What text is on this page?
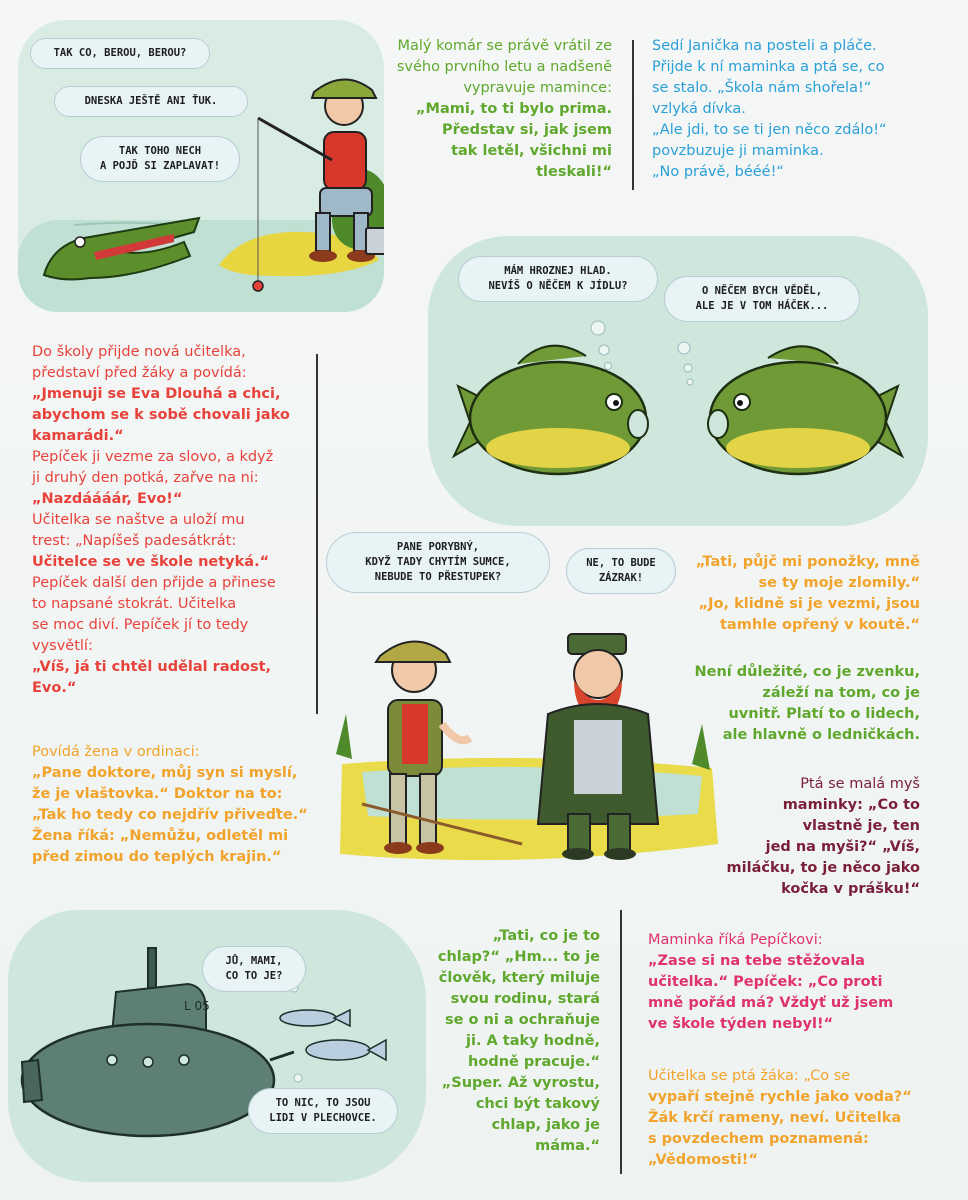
TAK CO, BEROU, BEROU?

DNESKA JEŠTĚ ANI ŤUK.

TAK TOHO NECH

A POJĎ SI ZAPLAVAT!

Malý komár se právě vrátil ze

svého prvního letu a nadšeně

vypravuje mamince:

„Mami, to ti bylo prima.

Představ si, jak jsem

tak letěl, všichni mi

tleskali!“

Sedí Janička na posteli a pláče.

Přijde k ní maminka a ptá se, co

se stalo. „Škola nám shořela!“

vzlyká dívka.

„Ale jdi, to se ti jen něco zdálo!“

povzbuzuje ji maminka.

„No právě, bééé!“

MÁM HROZNEJ HLAD.

NEVÍŠ O NĚČEM K JÍDLU?	O NĚČEM BYCH VĚDĚL,

ALE JE V TOM HÁČEK...

Do školy přijde nová učitelka,

představí před žáky a povídá:

„Jmenuji se Eva Dlouhá a chci,

abychom se k sobě chovali jako

kamarádi.“

Pepíček ji vezme za slovo, a když

ji druhý den potká, zařve na ni:

„Nazdáááár, Evo!“

Učitelka se naštve a uloží mu

trest: „Napíšeš padesátkrát:

Učitelce se ve škole netyká.“

Pepíček další den přijde a přinese

to napsané stokrát. Učitelka

se moc diví. Pepíček jí to tedy

vysvětlí:

„Víš, já ti chtěl udělal radost,

Evo.“

Povídá žena v ordinaci:

„Pane doktore, můj syn si myslí,

že je vlaštovka.“ Doktor na to:

„Tak ho tedy co nejdřív přiveďte.“

Žena říká: „Nemůžu, odletěl mi

před zimou do teplých krajin.“

PANE PORYBNÝ,

KDYŽ TADY CHYTÍM SUMCE,

NEBUDE TO PŘESTUPEK?

NE, TO BUDE

ZÁZRAK!

„Tati, půjč mi ponožky, mně

se ty moje zlomily.“

„Jo, klidně si je vezmi, jsou

tamhle opřený v koutě.“

Není důležité, co je zvenku,

záleží na tom, co je

uvnitř. Platí to o lidech,

ale hlavně o ledničkách.

Ptá se malá myš

maminky: „Co to

vlastně je, ten

jed na myši?“ „Víš,

miláčku, to je něco jako

kočka v prášku!“

L 05

JŮ, MAMI,

CO TO JE?

TO NIC, TO JSOU

LIDI V PLECHOVCE.

„Tati, co je to

chlap?“ „Hm... to je

člověk, který miluje

svou rodinu, stará

se o ni a ochraňuje

ji. A taky hodně,

hodně pracuje.“

„Super. Až vyrostu,

chci být takový

chlap, jako je

máma.“

Maminka říká Pepíčkovi:

„Zase si na tebe stěžovala

učitelka.“ Pepíček: „Co proti

mně pořád má? Vždyť už jsem

ve škole týden nebyl!“

Učitelka se ptá žáka: „Co se

vypaří stejně rychle jako voda?“

Žák krčí rameny, neví. Učitelka

s povzdechem poznamená:

„Vědomosti!“
